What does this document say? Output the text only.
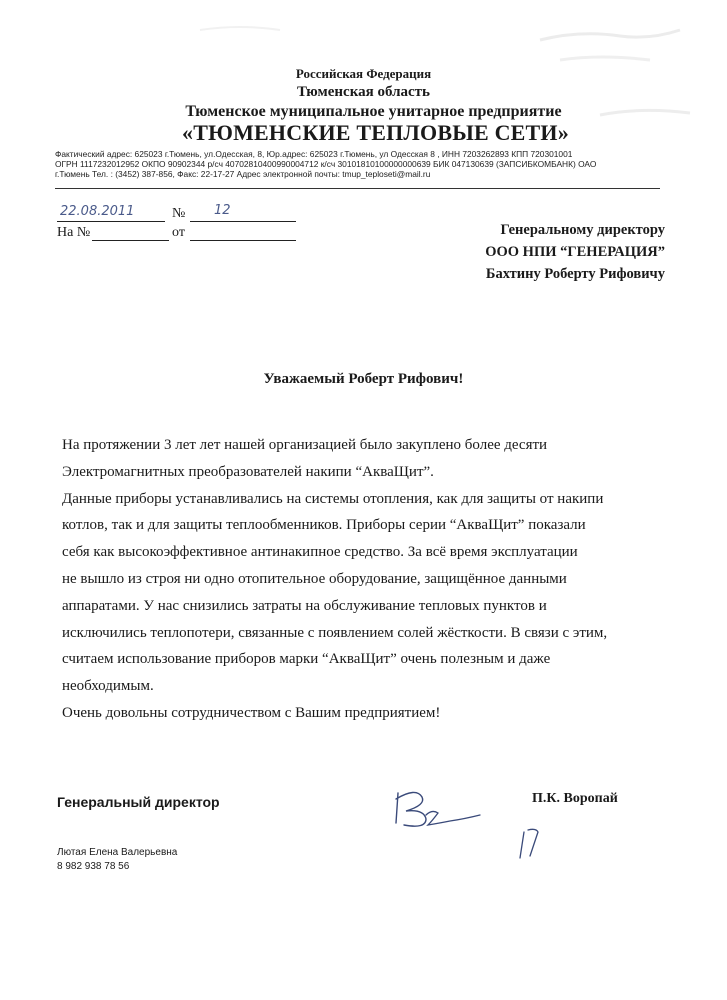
Российская Федерация
Тюменская область
Тюменское муниципальное унитарное предприятие
«ТЮМЕНСКИЕ ТЕПЛОВЫЕ СЕТИ»
Фактический адрес: 625023 г.Тюмень, ул.Одесская, 8, Юр.адрес: 625023 г.Тюмень, ул Одесская 8 , ИНН 7203262893 КПП 720301001
ОГРН 1117232012952 ОКПО 90902344 р/сч 40702810400990004712 к/сч 30101810100000000639 БИК 047130639 (ЗАПСИБКОМБАНК) ОАО
г.Тюмень Тел. : (3452) 387-856, Факс: 22-17-27 Адрес электронной почты: tmup_teploseti@mail.ru
22.08.2011	№ 12
На №	от	Генеральному директору
ООО НПИ “ГЕНЕРАЦИЯ”
Бахтину Роберту Рифовичу
Уважаемый Роберт Рифович!
На протяжении 3 лет лет нашей организацией было закуплено более десяти
Электромагнитных преобразователей накипи “АкваЩит”.
Данные приборы устанавливались на системы отопления, как для защиты от накипи
котлов, так и для защиты теплообменников. Приборы серии “АкваЩит” показали
себя как высокоэффективное антинакипное средство. За всё время эксплуатации
не вышло из строя ни одно отопительное оборудование, защищённое данными
аппаратами. У нас снизились затраты на обслуживание тепловых пунктов и
исключились теплопотери, связанные с появлением солей жёсткости. В связи с этим,
считаем использование приборов марки “АкваЩит” очень полезным и даже
необходимым.
Очень довольны сотрудничеством с Вашим предприятием!
Генеральный директор	П.К. Воропай
Лютая Елена Валерьевна
8 982 938 78 56
